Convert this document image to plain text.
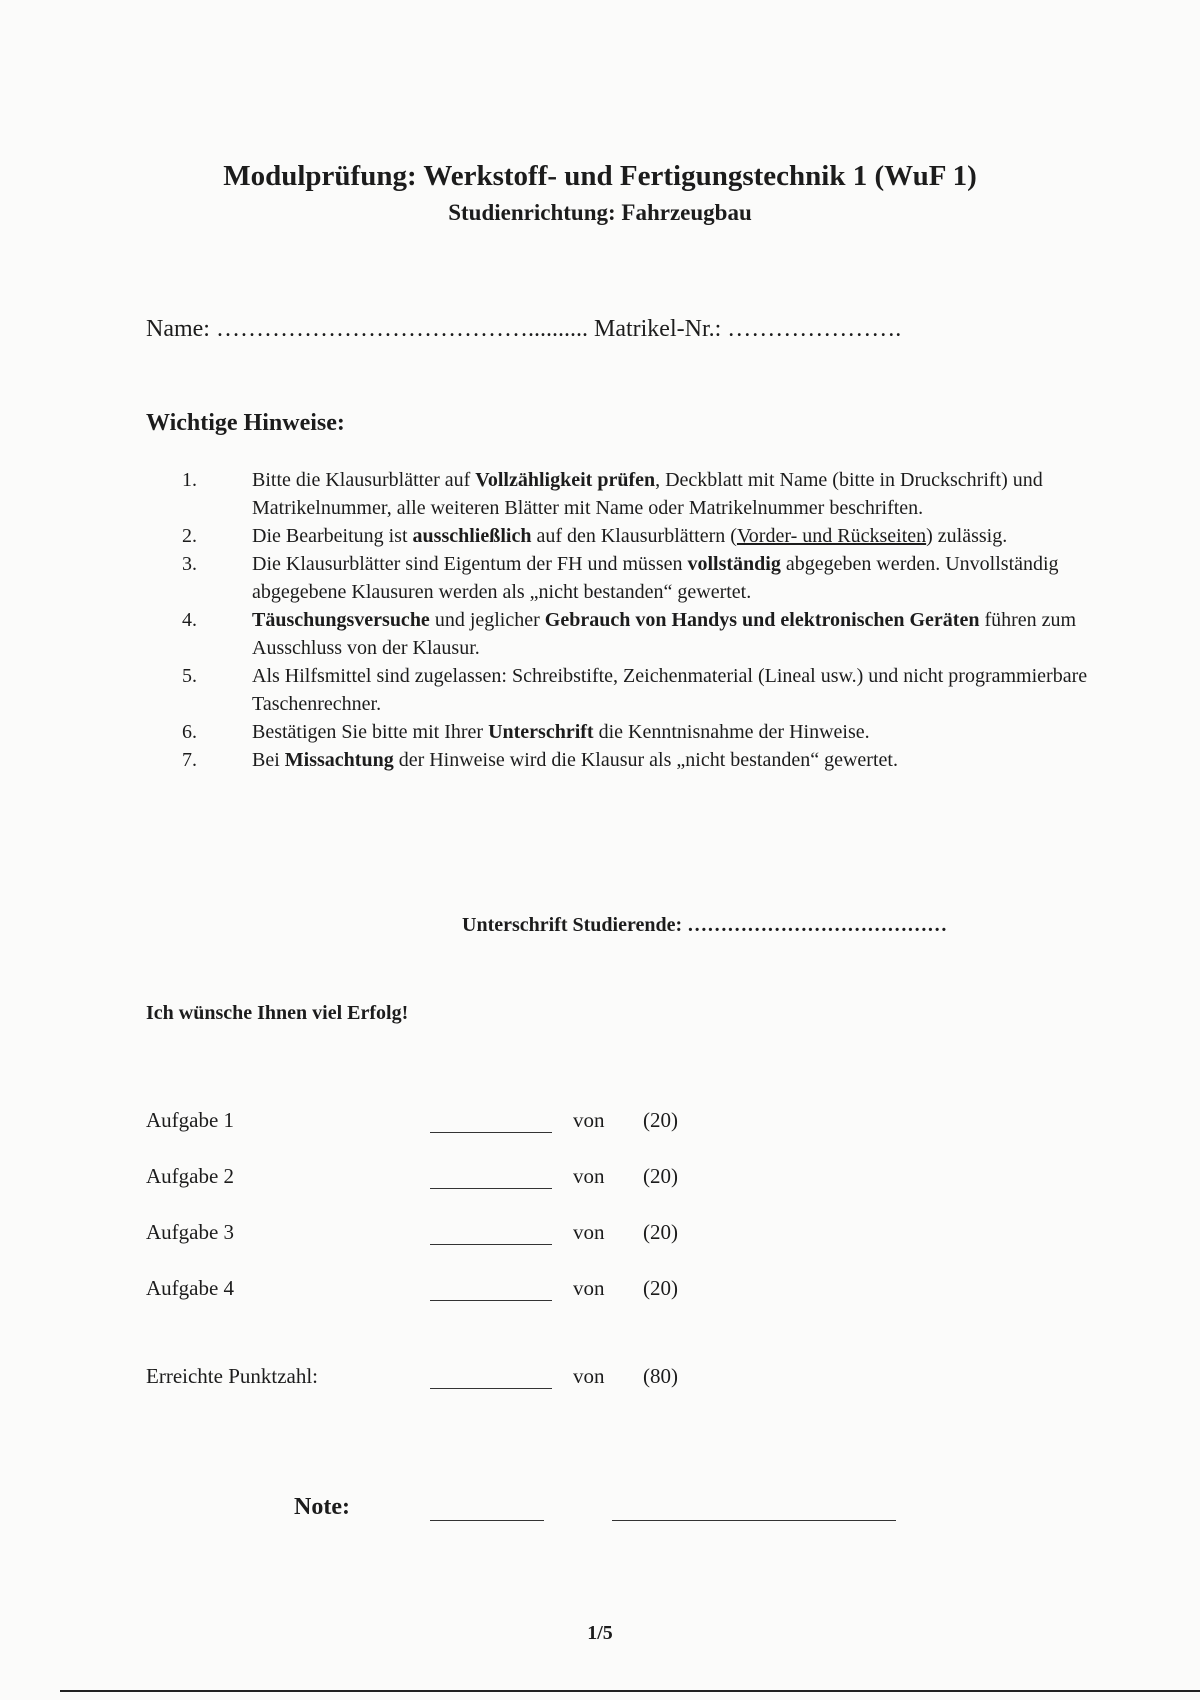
Modulprüfung: Werkstoff- und Fertigungstechnik 1 (WuF 1)
Studienrichtung: Fahrzeugbau
Name: ………………………………….......... Matrikel-Nr.: ………………….
Wichtige Hinweise:
1.	Bitte die Klausurblätter auf Vollzähligkeit prüfen, Deckblatt mit Name (bitte in Druckschrift) und Matrikelnummer, alle weiteren Blätter mit Name oder Matrikelnummer beschriften.
2.	Die Bearbeitung ist ausschließlich auf den Klausurblättern (Vorder- und Rückseiten) zulässig.
3.	Die Klausurblätter sind Eigentum der FH und müssen vollständig abgegeben werden. Unvollständig abgegebene Klausuren werden als „nicht bestanden“ gewertet.
4.	Täuschungsversuche und jeglicher Gebrauch von Handys und elektronischen Geräten führen zum Ausschluss von der Klausur.
5.	Als Hilfsmittel sind zugelassen: Schreibstifte, Zeichenmaterial (Lineal usw.) und nicht programmierbare Taschenrechner.
6.	Bestätigen Sie bitte mit Ihrer Unterschrift die Kenntnisnahme der Hinweise.
7.	Bei Missachtung der Hinweise wird die Klausur als „nicht bestanden“ gewertet.
Unterschrift Studierende: …………………………………
Ich wünsche Ihnen viel Erfolg!
Aufgabe 1	von (20)
Aufgabe 2	von (20)
Aufgabe 3	von (20)
Aufgabe 4	von (20)
Erreichte Punktzahl:	von (80)
Note:
1/5
